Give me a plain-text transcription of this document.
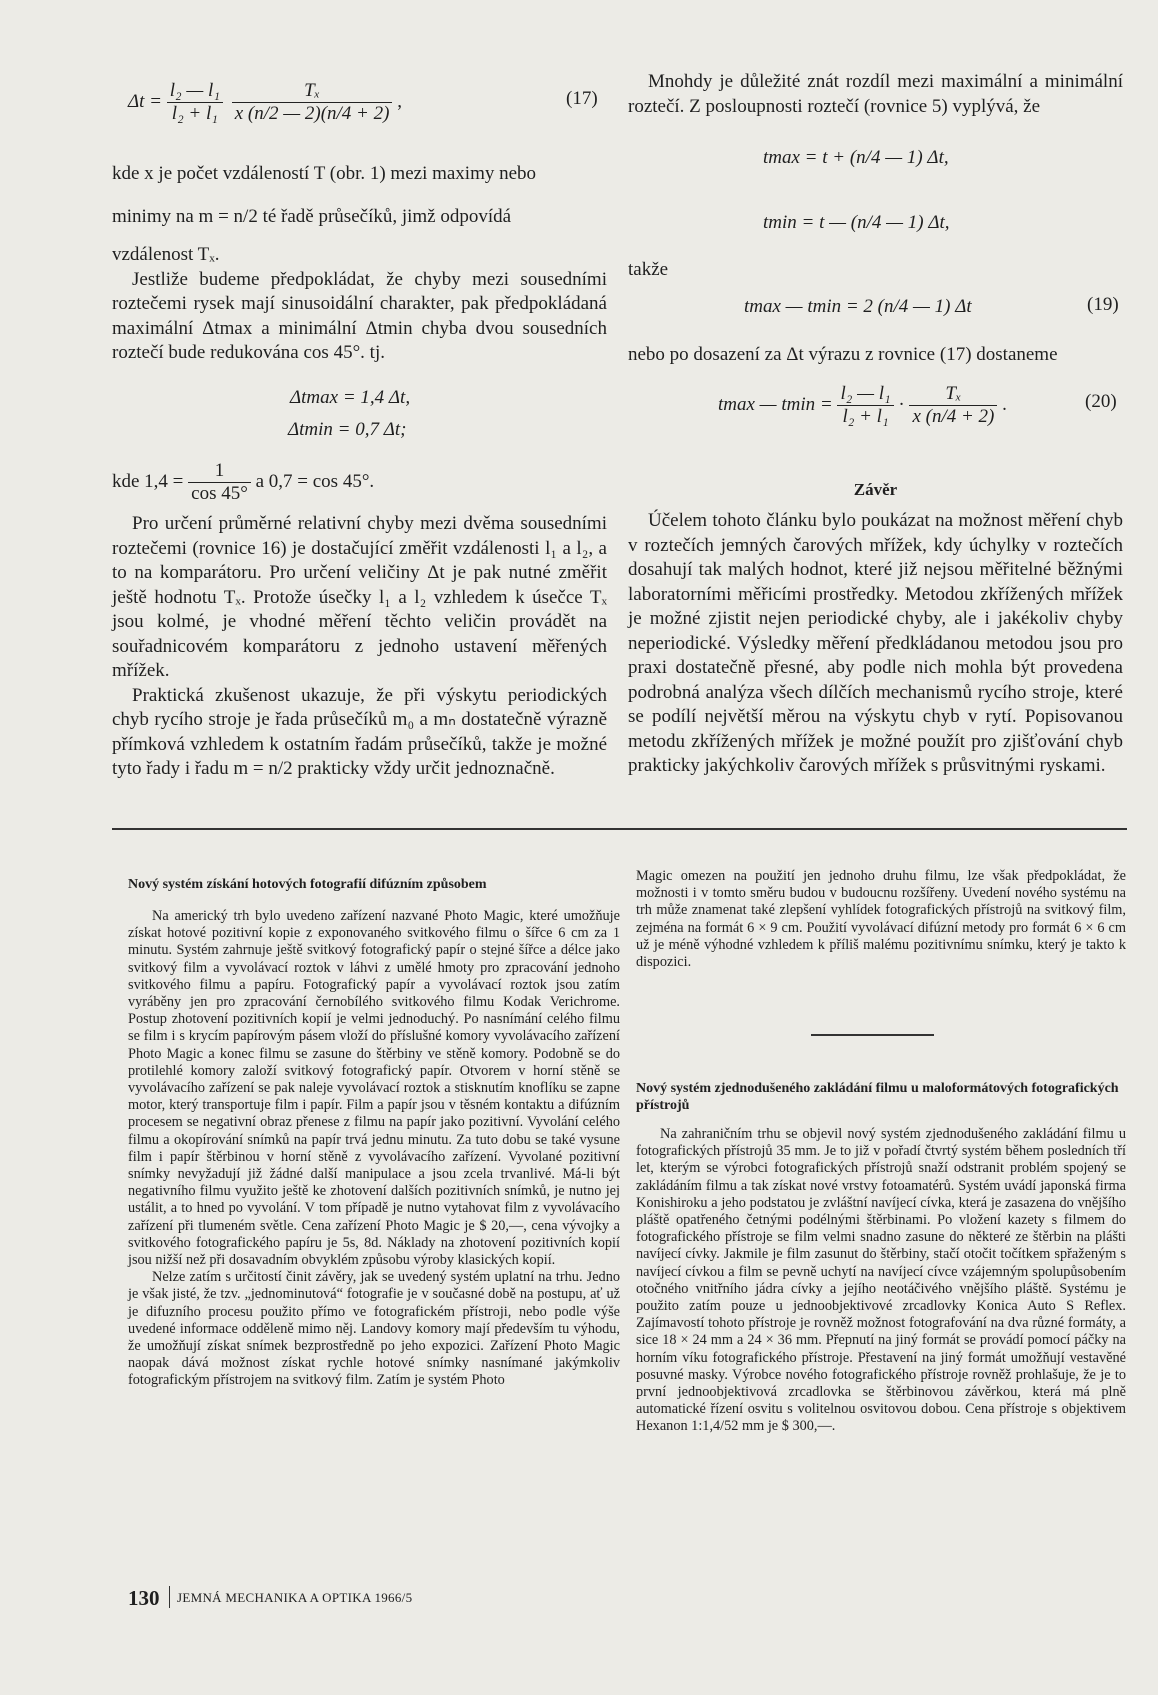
$\Delta t = \frac{\text{l₂ — l₁}}{\text{l₂ + l₁}}$
$\frac{\text{Tₓ}}{x (n/2 — 2)(n/4 + 2)}$ ,	(17)

kde x je počet vzdáleností T (obr. 1) mezi maximy nebo

minimy na m = n/2 té řadě průsečíků, jimž odpovídá

vzdálenost Tₓ.

Jestliže budeme předpokládat, že chyby mezi sousedními roztečemi rysek mají sinusoidální charakter, pak předpokládaná maximální Δtmax a minimální Δtmin chyba dvou sousedních roztečí bude redukována cos 45°. tj.

Δtmax = 1,4 Δt,
Δtmin = 0,7 Δt;
kde $1,4 = \frac{1}{\cos 45^\circ}$ a 0,7 = cos 45°.

Pro určení průměrné relativní chyby mezi dvěma sousedními roztečemi (rovnice 16) je dostačující změřit vzdálenosti l₁ a l₂, a to na komparátoru. Pro určení veličiny Δt je pak nutné změřit ještě hodnotu Tₓ. Protože úsečky l₁ a l₂ vzhledem k úsečce Tₓ jsou kolmé, je vhodné měření těchto veličin provádět na souřadnicovém komparátoru z jednoho ustavení měřených mřížek.

Praktická zkušenost ukazuje, že při výskytu periodických chyb rycího stroje je řada průsečíků m₀ a mₙ dostatečně výrazně přímková vzhledem k ostatním řadám průsečíků, takže je možné tyto řady i řadu m = n/2 prakticky vždy určit jednoznačně.

Mnohdy je důležité znát rozdíl mezi maximální a minimální roztečí. Z posloupnosti roztečí (rovnice 5) vyplývá, že

tmax = t + (n/4 — 1) Δt,
tmin = t — (n/4 — 1) Δt,
takže
tmax — tmin = 2 (n/4 — 1) Δt	(19)

nebo po dosazení za Δt výrazu z rovnice (17) dostaneme

tmax — $tmin = \frac{\text{l₂ — l₁}}{\text{l₂ + l₁}} \cdot \frac{\text{Tₓ}}{x (n/4 + 2)}$ .	(20)
Závěr

Účelem tohoto článku bylo poukázat na možnost měření chyb v roztečích jemných čarových mřížek, kdy úchylky v roztečích dosahují tak malých hodnot, které již nejsou měřitelné běžnými laboratorními měřicími prostředky. Metodou zkřížených mřížek je možné zjistit nejen periodické chyby, ale i jakékoliv chyby neperiodické. Výsledky měření předkládanou metodou jsou pro praxi dostatečně přesné, aby podle nich mohla být provedena podrobná analýza všech dílčích mechanismů rycího stroje, které se podílí největší měrou na výskytu chyb v rytí. Popisovanou metodu zkřížených mřížek je možné použít pro zjišťování chyb prakticky jakýchkoliv čarových mřížek s průsvitnými ryskami.

Nový systém získání hotových fotografií difúzním způsobem

Na americký trh bylo uvedeno zařízení nazvané Photo Magic, které umožňuje získat hotové pozitivní kopie z exponovaného svitkového filmu o šířce 6 cm za 1 minutu. Systém zahrnuje ještě svitkový fotografický papír o stejné šířce a délce jako svitkový film a vyvolávací roztok v láhvi z umělé hmoty pro zpracování jednoho svitkového filmu a papíru. Fotografický papír a vyvolávací roztok jsou zatím vyráběny jen pro zpracování černobílého svitkového filmu Kodak Verichrome. Postup zhotovení pozitivních kopií je velmi jednoduchý. Po nasnímání celého filmu se film i s krycím papírovým pásem vloží do příslušné komory vyvolávacího zařízení Photo Magic a konec filmu se zasune do štěrbiny ve stěně komory. Podobně se do protilehlé komory založí svitkový fotografický papír. Otvorem v horní stěně se vyvolávacího zařízení se pak naleje vyvolávací roztok a stisknutím knoflíku se zapne motor, který transportuje film i papír. Film a papír jsou v těsném kontaktu a difúzním procesem se negativní obraz přenese z filmu na papír jako pozitivní. Vyvolání celého filmu a okopírování snímků na papír trvá jednu minutu. Za tuto dobu se také vysune film i papír štěrbinou v horní stěně z vyvolávacího zařízení. Vyvolané pozitivní snímky nevyžadují již žádné další manipulace a jsou zcela trvanlivé. Má-li být negativního filmu využito ještě ke zhotovení dalších pozitivních snímků, je nutno jej ustálit, a to hned po vyvolání. V tom případě je nutno vytahovat film z vyvolávacího zařízení při tlumeném světle. Cena zařízení Photo Magic je $ 20,—, cena vývojky a svitkového fotografického papíru je 5s, 8d. Náklady na zhotovení pozitivních kopií jsou nižší než při dosavadním obvyklém způsobu výroby klasických kopií.

Nelze zatím s určitostí činit závěry, jak se uvedený systém uplatní na trhu. Jedno je však jisté, že tzv. „jednominutová“ fotografie je v současné době na postupu, ať už je difuzního procesu použito přímo ve fotografickém přístroji, nebo podle výše uvedené informace odděleně mimo něj. Landovy komory mají především tu výhodu, že umožňují získat snímek bezprostředně po jeho expozici. Zařízení Photo Magic naopak dává možnost získat rychle hotové snímky nasnímané jakýmkoliv fotografickým přístrojem na svitkový film. Zatím je systém Photo

Magic omezen na použití jen jednoho druhu filmu, lze však předpokládat, že možnosti i v tomto směru budou v budoucnu rozšířeny. Uvedení nového systému na trh může znamenat také zlepšení vyhlídek fotografických přístrojů na svitkový film, zejména na formát 6 × 9 cm. Použití vyvolávací difúzní metody pro formát 6 × 6 cm už je méně výhodné vzhledem k příliš malému pozitivnímu snímku, který je takto k dispozici.

Nový systém zjednodušeného zakládání filmu u maloformátových fotografických přístrojů

Na zahraničním trhu se objevil nový systém zjednodušeného zakládání filmu u fotografických přístrojů 35 mm. Je to již v pořadí čtvrtý systém během posledních tří let, kterým se výrobci fotografických přístrojů snaží odstranit problém spojený se zakládáním filmu a tak získat nové vrstvy fotoamatérů. Systém uvádí japonská firma Konishiroku a jeho podstatou je zvláštní navíjecí cívka, která je zasazena do vnějšího pláště opatřeného četnými podélnými štěrbinami. Po vložení kazety s filmem do fotografického přístroje se film velmi snadno zasune do některé ze štěrbin na plášti navíjecí cívky. Jakmile je film zasunut do štěrbiny, stačí otočit točítkem spřaženým s navíjecí cívkou a film se pevně uchytí na navíjecí cívce vzájemným spolupůsobením otočného vnitřního jádra cívky a jejího neotáčivého vnějšího pláště. Systému je použito zatím pouze u jednoobjektivové zrcadlovky Konica Auto S Reflex. Zajímavostí tohoto přístroje je rovněž možnost fotografování na dva různé formáty, a sice 18 × 24 mm a 24 × 36 mm. Přepnutí na jiný formát se provádí pomocí páčky na horním víku fotografického přístroje. Přestavení na jiný formát umožňují vestavěné posuvné masky. Výrobce nového fotografického přístroje rovněž prohlašuje, že je to první jednoobjektivová zrcadlovka se štěrbinovou závěrkou, která má plně automatické řízení osvitu s volitelnou osvitovou dobou. Cena přístroje s objektivem Hexanon 1:1,4/52 mm je $ 300,—.

130 JEMNÁ MECHANIKA A OPTIKA 1966/5
